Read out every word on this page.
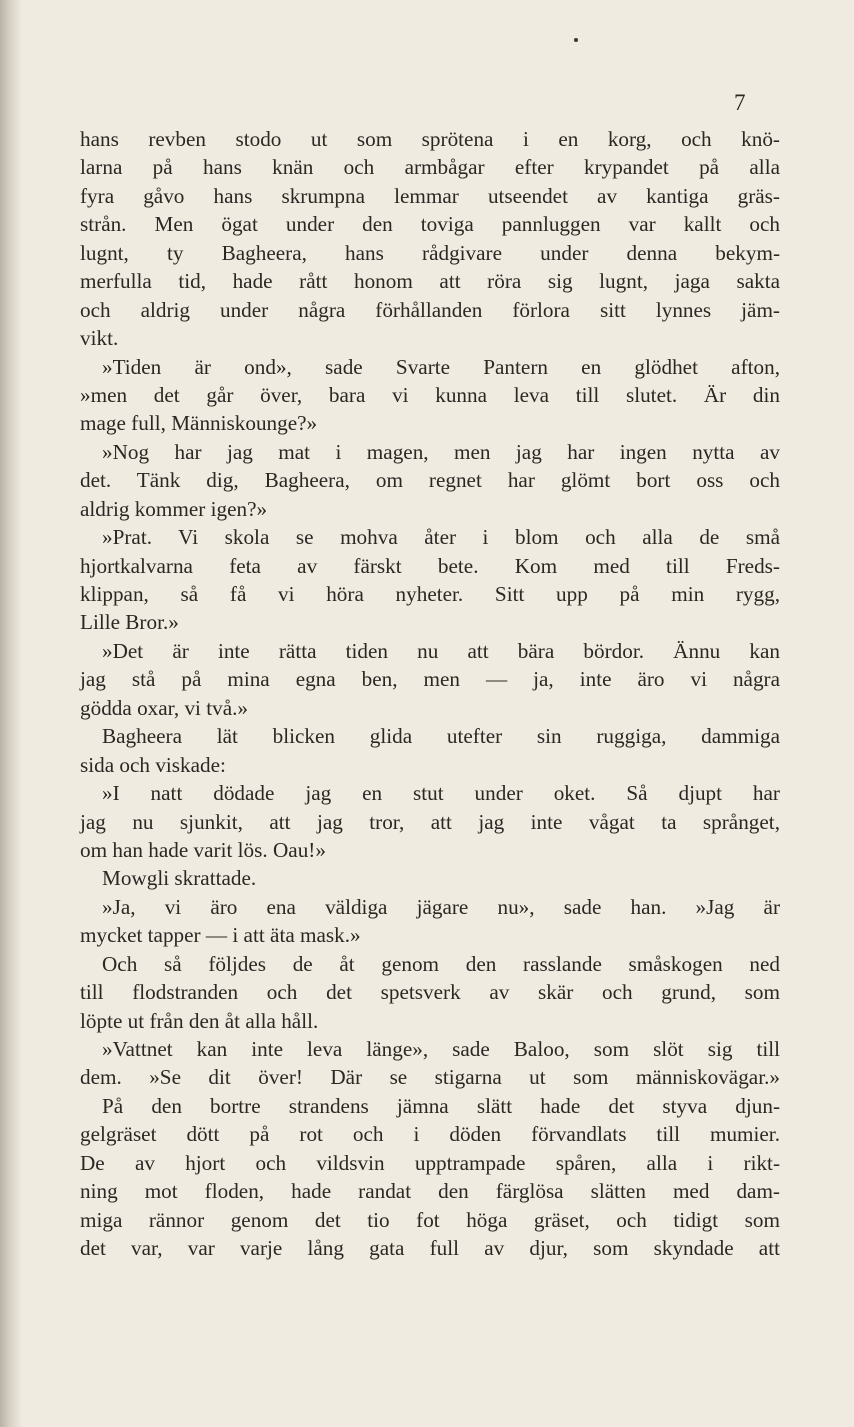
7
hans revben stodo ut som sprötena i en korg, och knö-
larna på hans knän och armbågar efter krypandet på alla
fyra gåvo hans skrumpna lemmar utseendet av kantiga gräs-
strån. Men ögat under den toviga pannluggen var kallt och
lugnt, ty Bagheera, hans rådgivare under denna bekym-
merfulla tid, hade rått honom att röra sig lugnt, jaga sakta
och aldrig under några förhållanden förlora sitt lynnes jäm-
vikt.
»Tiden är ond», sade Svarte Pantern en glödhet afton,
»men det går över, bara vi kunna leva till slutet. Är din
mage full, Människounge?»
»Nog har jag mat i magen, men jag har ingen nytta av
det. Tänk dig, Bagheera, om regnet har glömt bort oss och
aldrig kommer igen?»
»Prat. Vi skola se mohva åter i blom och alla de små
hjortkalvarna feta av färskt bete. Kom med till Freds-
klippan, så få vi höra nyheter. Sitt upp på min rygg,
Lille Bror.»
»Det är inte rätta tiden nu att bära bördor. Ännu kan
jag stå på mina egna ben, men — ja, inte äro vi några
gödda oxar, vi två.»
Bagheera lät blicken glida utefter sin ruggiga, dammiga
sida och viskade:
»I natt dödade jag en stut under oket. Så djupt har
jag nu sjunkit, att jag tror, att jag inte vågat ta språnget,
om han hade varit lös. Oau!»
Mowgli skrattade.
»Ja, vi äro ena väldiga jägare nu», sade han. »Jag är
mycket tapper — i att äta mask.»
Och så följdes de åt genom den rasslande småskogen ned
till flodstranden och det spetsverk av skär och grund, som
löpte ut från den åt alla håll.
»Vattnet kan inte leva länge», sade Baloo, som slöt sig till
dem. »Se dit över! Där se stigarna ut som människovägar.»
På den bortre strandens jämna slätt hade det styva djun-
gelgräset dött på rot och i döden förvandlats till mumier.
De av hjort och vildsvin upptrampade spåren, alla i rikt-
ning mot floden, hade randat den färglösa slätten med dam-
miga rännor genom det tio fot höga gräset, och tidigt som
det var, var varje lång gata full av djur, som skyndade att
